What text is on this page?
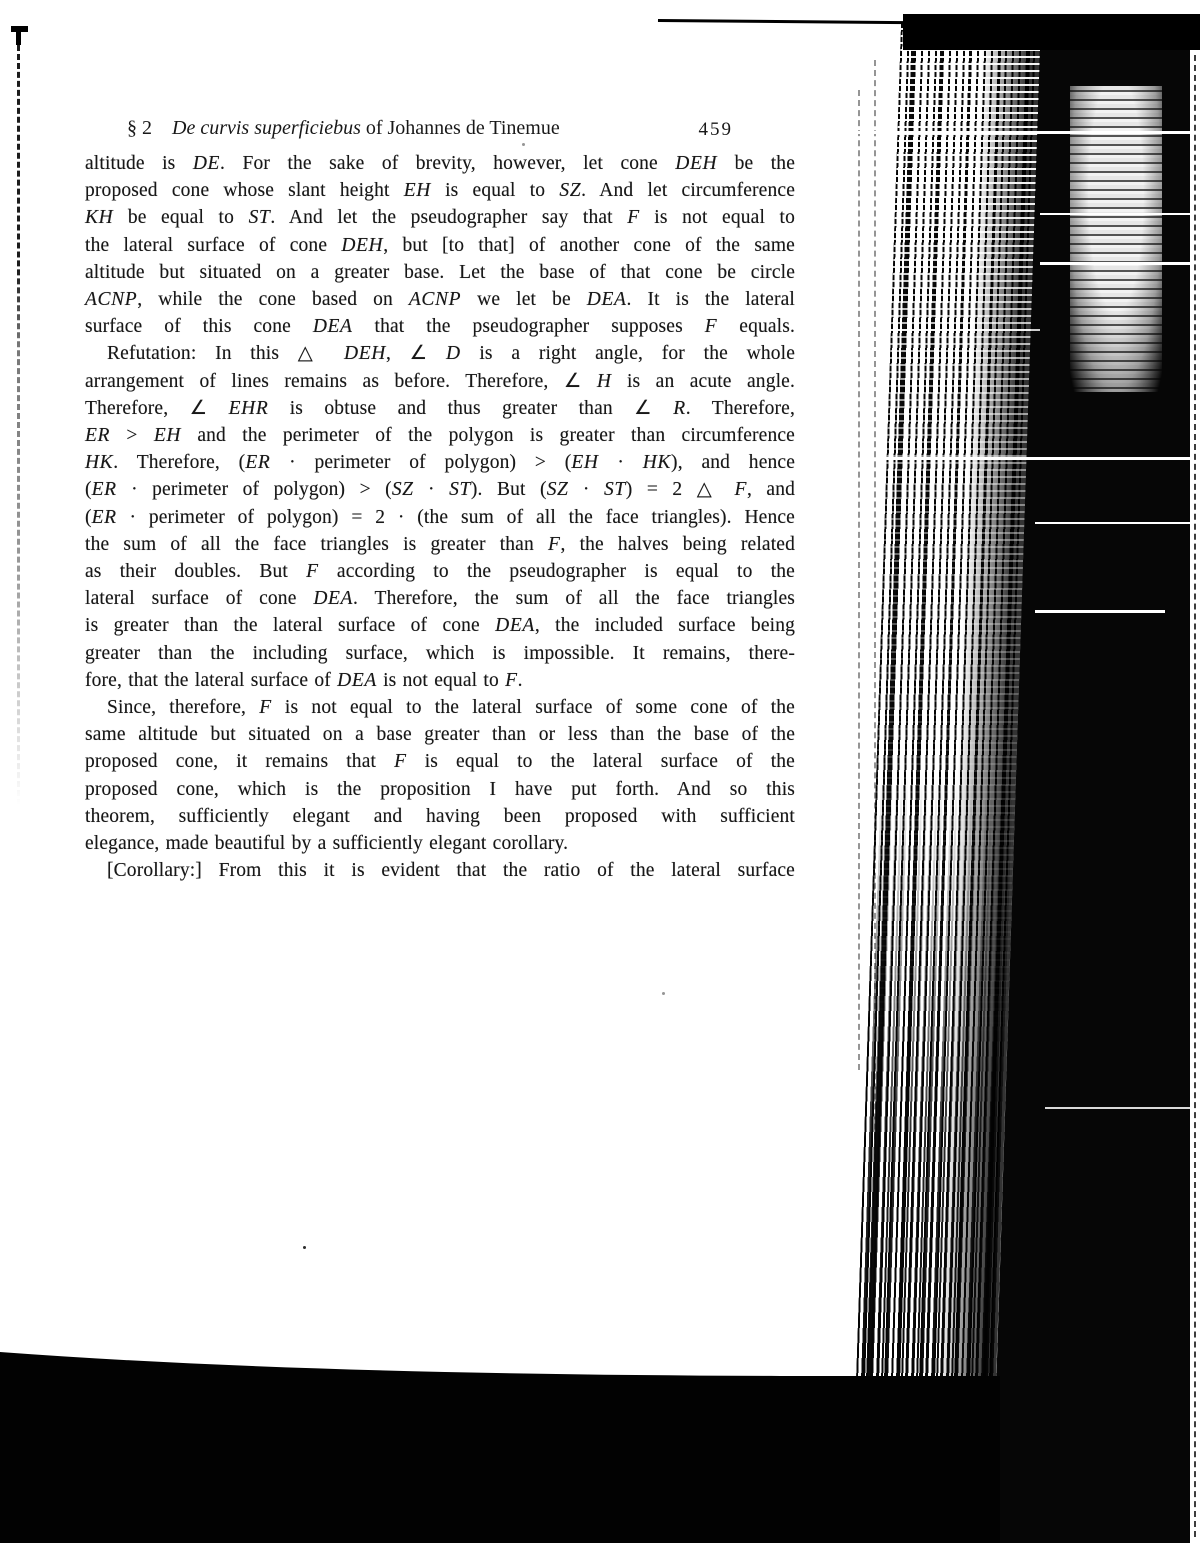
§ 2 De curvis superficiebus of Johannes de Tinemue	459
altitude is DE. For the sake of brevity, however, let cone DEH be the
proposed cone whose slant height EH is equal to SZ. And let circumference
KH be equal to ST. And let the pseudographer say that F is not equal to
the lateral surface of cone DEH, but [to that] of another cone of the same
altitude but situated on a greater base. Let the base of that cone be circle
ACNP, while the cone based on ACNP we let be DEA. It is the lateral
surface of this cone DEA that the pseudographer supposes F equals.
Refutation: In this △ DEH, ∠ D is a right angle, for the whole
arrangement of lines remains as before. Therefore, ∠ H is an acute angle.
Therefore, ∠ EHR is obtuse and thus greater than ∠ R. Therefore,
ER > EH and the perimeter of the polygon is greater than circumference
HK. Therefore, (ER · perimeter of polygon) > (EH · HK), and hence
(ER · perimeter of polygon) > (SZ · ST). But (SZ · ST) = 2 △ F, and
(ER · perimeter of polygon) = 2 · (the sum of all the face triangles). Hence
the sum of all the face triangles is greater than F, the halves being related
as their doubles. But F according to the pseudographer is equal to the
lateral surface of cone DEA. Therefore, the sum of all the face triangles
is greater than the lateral surface of cone DEA, the included surface being
greater than the including surface, which is impossible. It remains, there-
fore, that the lateral surface of DEA is not equal to F.
Since, therefore, F is not equal to the lateral surface of some cone of the
same altitude but situated on a base greater than or less than the base of the
proposed cone, it remains that F is equal to the lateral surface of the
proposed cone, which is the proposition I have put forth. And so this
theorem, sufficiently elegant and having been proposed with sufficient
elegance, made beautiful by a sufficiently elegant corollary.
[Corollary:] From this it is evident that the ratio of the lateral surface
